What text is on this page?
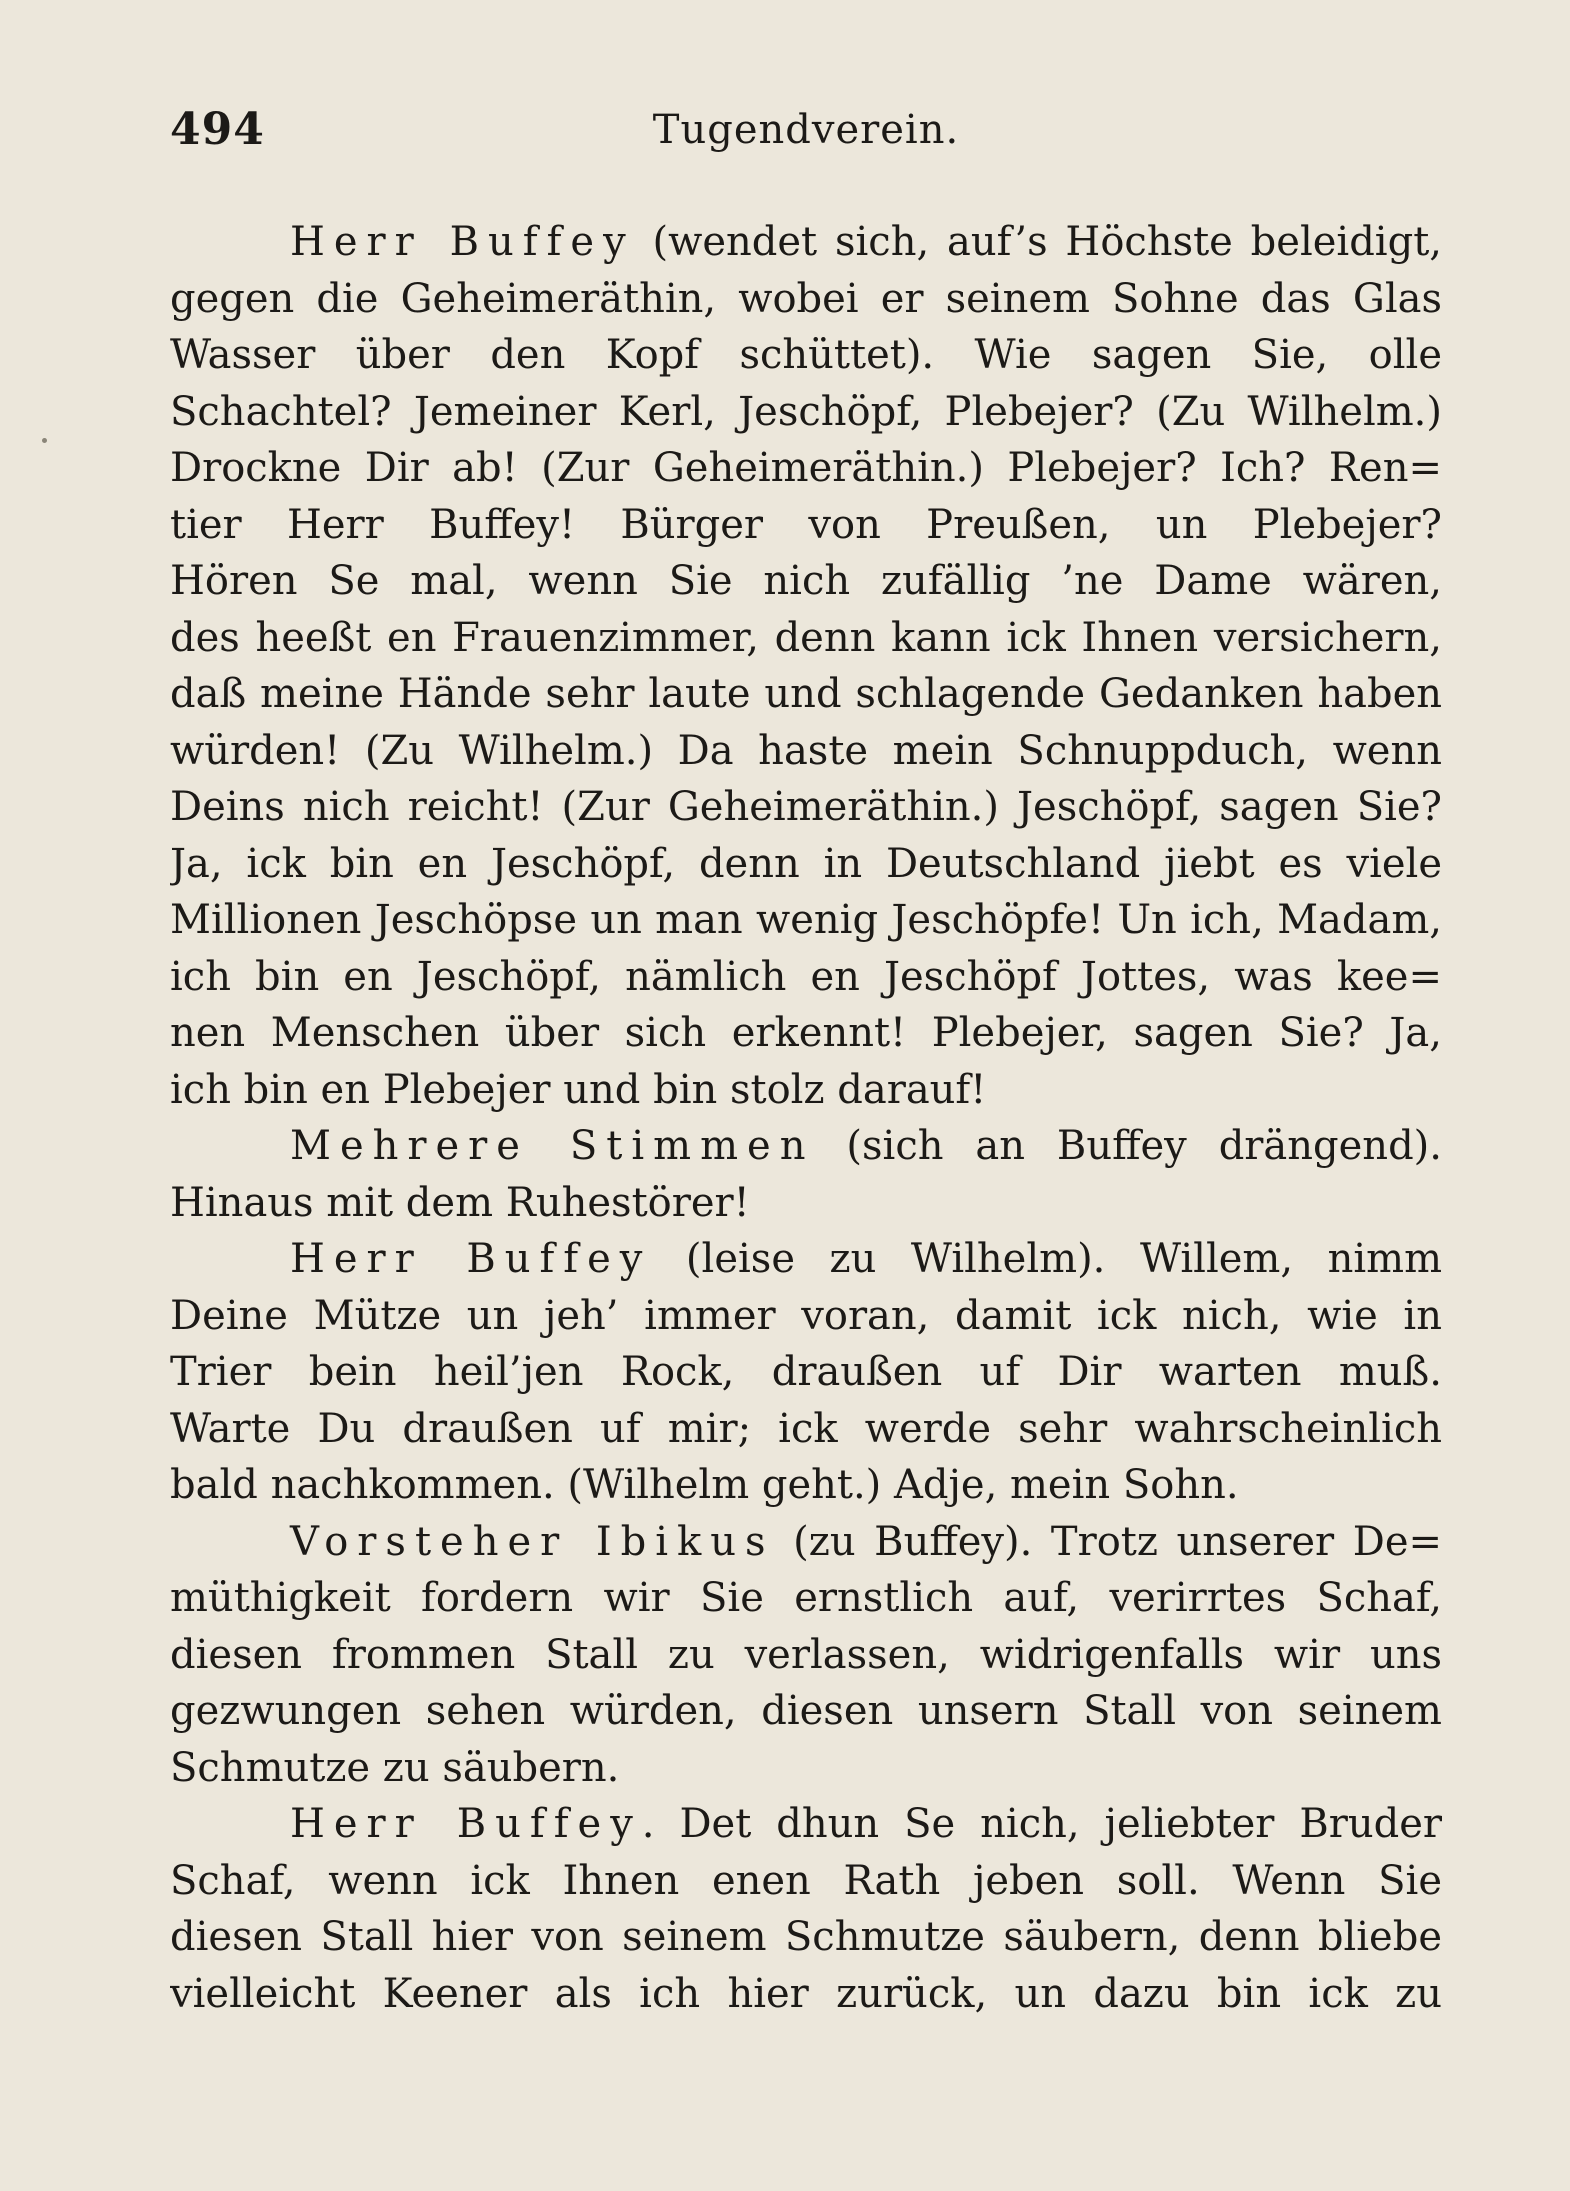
494	Tugendverein.
Herr Buffey (wendet sich, auf’s Höchste beleidigt,
gegen die Geheimeräthin, wobei er seinem Sohne das Glas
Wasser über den Kopf schüttet). Wie sagen Sie, olle
Schachtel? Jemeiner Kerl, Jeschöpf, Plebejer? (Zu Wilhelm.)
Drockne Dir ab! (Zur Geheimeräthin.) Plebejer? Ich? Ren=
tier Herr Buffey! Bürger von Preußen, un Plebejer?
Hören Se mal, wenn Sie nich zufällig ’ne Dame wären,
des heeßt en Frauenzimmer, denn kann ick Ihnen versichern,
daß meine Hände sehr laute und schlagende Gedanken haben
würden! (Zu Wilhelm.) Da haste mein Schnuppduch, wenn
Deins nich reicht! (Zur Geheimeräthin.) Jeschöpf, sagen Sie?
Ja, ick bin en Jeschöpf, denn in Deutschland jiebt es viele
Millionen Jeschöpse un man wenig Jeschöpfe! Un ich, Madam,
ich bin en Jeschöpf, nämlich en Jeschöpf Jottes, was kee=
nen Menschen über sich erkennt! Plebejer, sagen Sie? Ja,
ich bin en Plebejer und bin stolz darauf!
Mehrere Stimmen (sich an Buffey drängend).
Hinaus mit dem Ruhestörer!
Herr Buffey (leise zu Wilhelm). Willem, nimm
Deine Mütze un jeh’ immer voran, damit ick nich, wie in
Trier bein heil’jen Rock, draußen uf Dir warten muß.
Warte Du draußen uf mir; ick werde sehr wahrscheinlich
bald nachkommen. (Wilhelm geht.) Adje, mein Sohn.
Vorsteher Ibikus (zu Buffey). Trotz unserer De=
müthigkeit fordern wir Sie ernstlich auf, verirrtes Schaf,
diesen frommen Stall zu verlassen, widrigenfalls wir uns
gezwungen sehen würden, diesen unsern Stall von seinem
Schmutze zu säubern.
Herr Buffey. Det dhun Se nich, jeliebter Bruder
Schaf, wenn ick Ihnen enen Rath jeben soll. Wenn Sie
diesen Stall hier von seinem Schmutze säubern, denn bliebe
vielleicht Keener als ich hier zurück, un dazu bin ick zu
